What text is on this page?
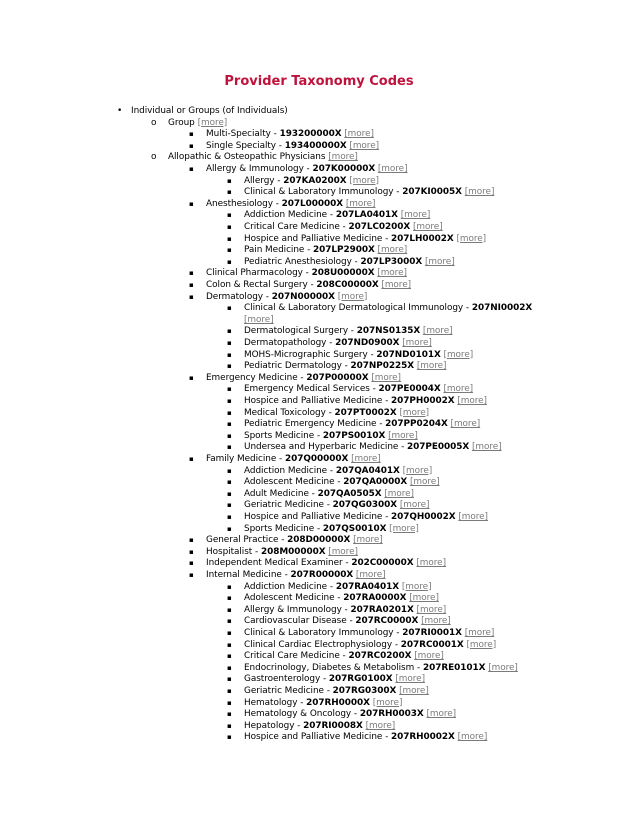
Provider Taxonomy Codes
• Individual or Groups (of Individuals)
o Group [more]
▪ Multi-Specialty - 193200000X [more]
▪ Single Specialty - 193400000X [more]
o Allopathic & Osteopathic Physicians [more]
▪ Allergy & Immunology - 207K00000X [more]
▪ Allergy - 207KA0200X [more]
▪ Clinical & Laboratory Immunology - 207KI0005X [more]
▪ Anesthesiology - 207L00000X [more]
▪ Addiction Medicine - 207LA0401X [more]
▪ Critical Care Medicine - 207LC0200X [more]
▪ Hospice and Palliative Medicine - 207LH0002X [more]
▪ Pain Medicine - 207LP2900X [more]
▪ Pediatric Anesthesiology - 207LP3000X [more]
▪ Clinical Pharmacology - 208U00000X [more]
▪ Colon & Rectal Surgery - 208C00000X [more]
▪ Dermatology - 207N00000X [more]
▪ Clinical & Laboratory Dermatological Immunology - 207NI0002X
[more]
▪ Dermatological Surgery - 207NS0135X [more]
▪ Dermatopathology - 207ND0900X [more]
▪ MOHS-Micrographic Surgery - 207ND0101X [more]
▪ Pediatric Dermatology - 207NP0225X [more]
▪ Emergency Medicine - 207P00000X [more]
▪ Emergency Medical Services - 207PE0004X [more]
▪ Hospice and Palliative Medicine - 207PH0002X [more]
▪ Medical Toxicology - 207PT0002X [more]
▪ Pediatric Emergency Medicine - 207PP0204X [more]
▪ Sports Medicine - 207PS0010X [more]
▪ Undersea and Hyperbaric Medicine - 207PE0005X [more]
▪ Family Medicine - 207Q00000X [more]
▪ Addiction Medicine - 207QA0401X [more]
▪ Adolescent Medicine - 207QA0000X [more]
▪ Adult Medicine - 207QA0505X [more]
▪ Geriatric Medicine - 207QG0300X [more]
▪ Hospice and Palliative Medicine - 207QH0002X [more]
▪ Sports Medicine - 207QS0010X [more]
▪ General Practice - 208D00000X [more]
▪ Hospitalist - 208M00000X [more]
▪ Independent Medical Examiner - 202C00000X [more]
▪ Internal Medicine - 207R00000X [more]
▪ Addiction Medicine - 207RA0401X [more]
▪ Adolescent Medicine - 207RA0000X [more]
▪ Allergy & Immunology - 207RA0201X [more]
▪ Cardiovascular Disease - 207RC0000X [more]
▪ Clinical & Laboratory Immunology - 207RI0001X [more]
▪ Clinical Cardiac Electrophysiology - 207RC0001X [more]
▪ Critical Care Medicine - 207RC0200X [more]
▪ Endocrinology, Diabetes & Metabolism - 207RE0101X [more]
▪ Gastroenterology - 207RG0100X [more]
▪ Geriatric Medicine - 207RG0300X [more]
▪ Hematology - 207RH0000X [more]
▪ Hematology & Oncology - 207RH0003X [more]
▪ Hepatology - 207RI0008X [more]
▪ Hospice and Palliative Medicine - 207RH0002X [more]
